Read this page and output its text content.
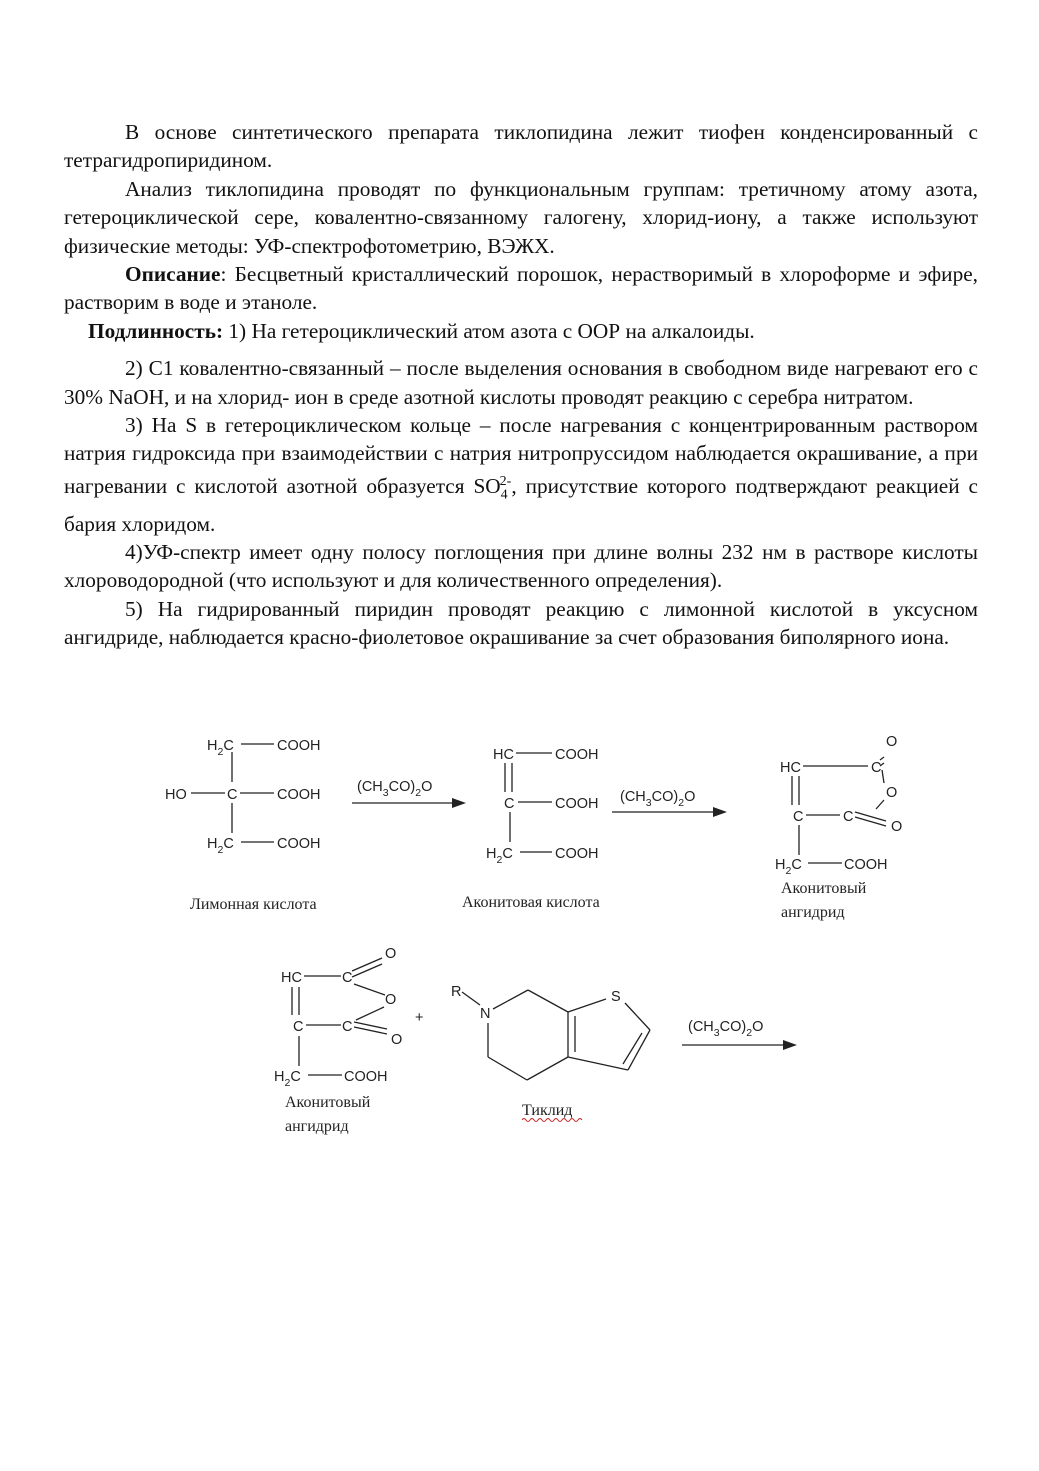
В основе синтетического препарата тиклопидина лежит тиофен конденсированный с тетрагидропиридином.

Анализ тиклопидина проводят по функциональным группам: третичному атому азота, гетероциклической сере, ковалентно-связанному галогену, хлорид-иону, а также используют физические методы: УФ-спектрофотометрию, ВЭЖХ.

Описание: Бесцветный кристаллический порошок, нерастворимый в хлороформе и эфире, растворим в воде и этаноле.

Подлинность: 1) На гетероциклический атом азота с ООР на алкалоиды.

2) С1 ковалентно-связанный – после выделения основания в свободном виде нагревают его с 30% NaOH, и на хлорид- ион в среде азотной кислоты проводят реакцию с серебра нитратом.

3) На S в гетероциклическом кольце – после нагревания с концентрированным раствором натрия гидроксида при взаимодействии с натрия нитропруссидом наблюдается окрашивание, а при нагревании с кислотой азотной образуется $SO_4^{2-}$, присутствие которого подтверждают реакцией с бария хлоридом.

4)УФ-спектр имеет одну полосу поглощения при длине волны 232 нм в растворе кислоты хлороводородной (что используют и для количественного определения).

5) На гидрированный пиридин проводят реакцию с лимонной кислотой в уксусном ангидриде, наблюдается красно-фиолетовое окрашивание за счет образования биполярного иона.

$H_2C$	COOH
HO	C	COOH
$H_2C$	COOH
Лимонная кислота
$(CH_3CO)_2O$
HC	COOH
C	COOH
$H_2C$	COOH
Аконитовая кислота
$(CH_3CO)_2O$
HC	C
O
O
C	C
O
$H_2C$	COOH
Аконитовый
ангидрид
HC	C
O
O
C	C
O
$H_2C$	COOH
Аконитовый
ангидрид
+
R
N
S
Тиклид
$(CH_3CO)_2O$
